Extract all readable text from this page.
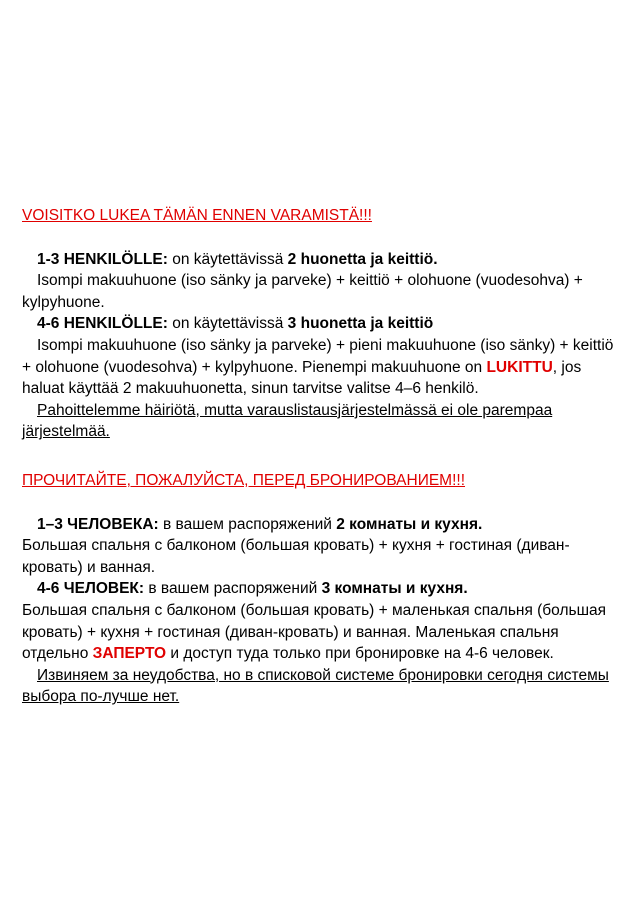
VOISITKO LUKEA TÄMÄN ENNEN VARAMISTÄ!!!

1-3 HENKILÖLLE: on käytettävissä 2 huonetta ja keittiö.

Isompi makuuhuone (iso sänky ja parveke) + keittiö + olohuone (vuodesohva) + kylpyhuone.

4-6 HENKILÖLLE: on käytettävissä 3 huonetta ja keittiö

Isompi makuuhuone (iso sänky ja parveke) + pieni makuuhuone (iso sänky) + keittiö + olohuone (vuodesohva) + kylpyhuone. Pienempi makuuhuone on LUKITTU, jos haluat käyttää 2 makuuhuonetta, sinun tarvitse valitse 4–6 henkilö.

Pahoittelemme häiriötä, mutta varauslistausjärjestelmässä ei ole parempaa järjestelmää.

ПРОЧИТАЙТЕ, ПОЖАЛУЙСТА, ПЕРЕД БРОНИРОВАНИЕМ!!!

1–3 ЧЕЛОВЕКА: в вашем распоряжений 2 комнаты и кухня.

Большая спальня с балконом (большая кровать) + кухня + гостиная (диван-кровать) и ванная.

4-6 ЧЕЛОВЕК: в вашем распоряжений 3 комнаты и кухня.

Большая спальня с балконом (большая кровать) + маленькая спальня (большая кровать) + кухня + гостиная (диван-кровать) и ванная. Маленькая спальня отдельно ЗАПЕРТО и доступ туда только при бронировке на 4-6 человек.

Извиняем за неудобства, но в списковой системе бронировки сегодня системы выбора по-лучше нет.
